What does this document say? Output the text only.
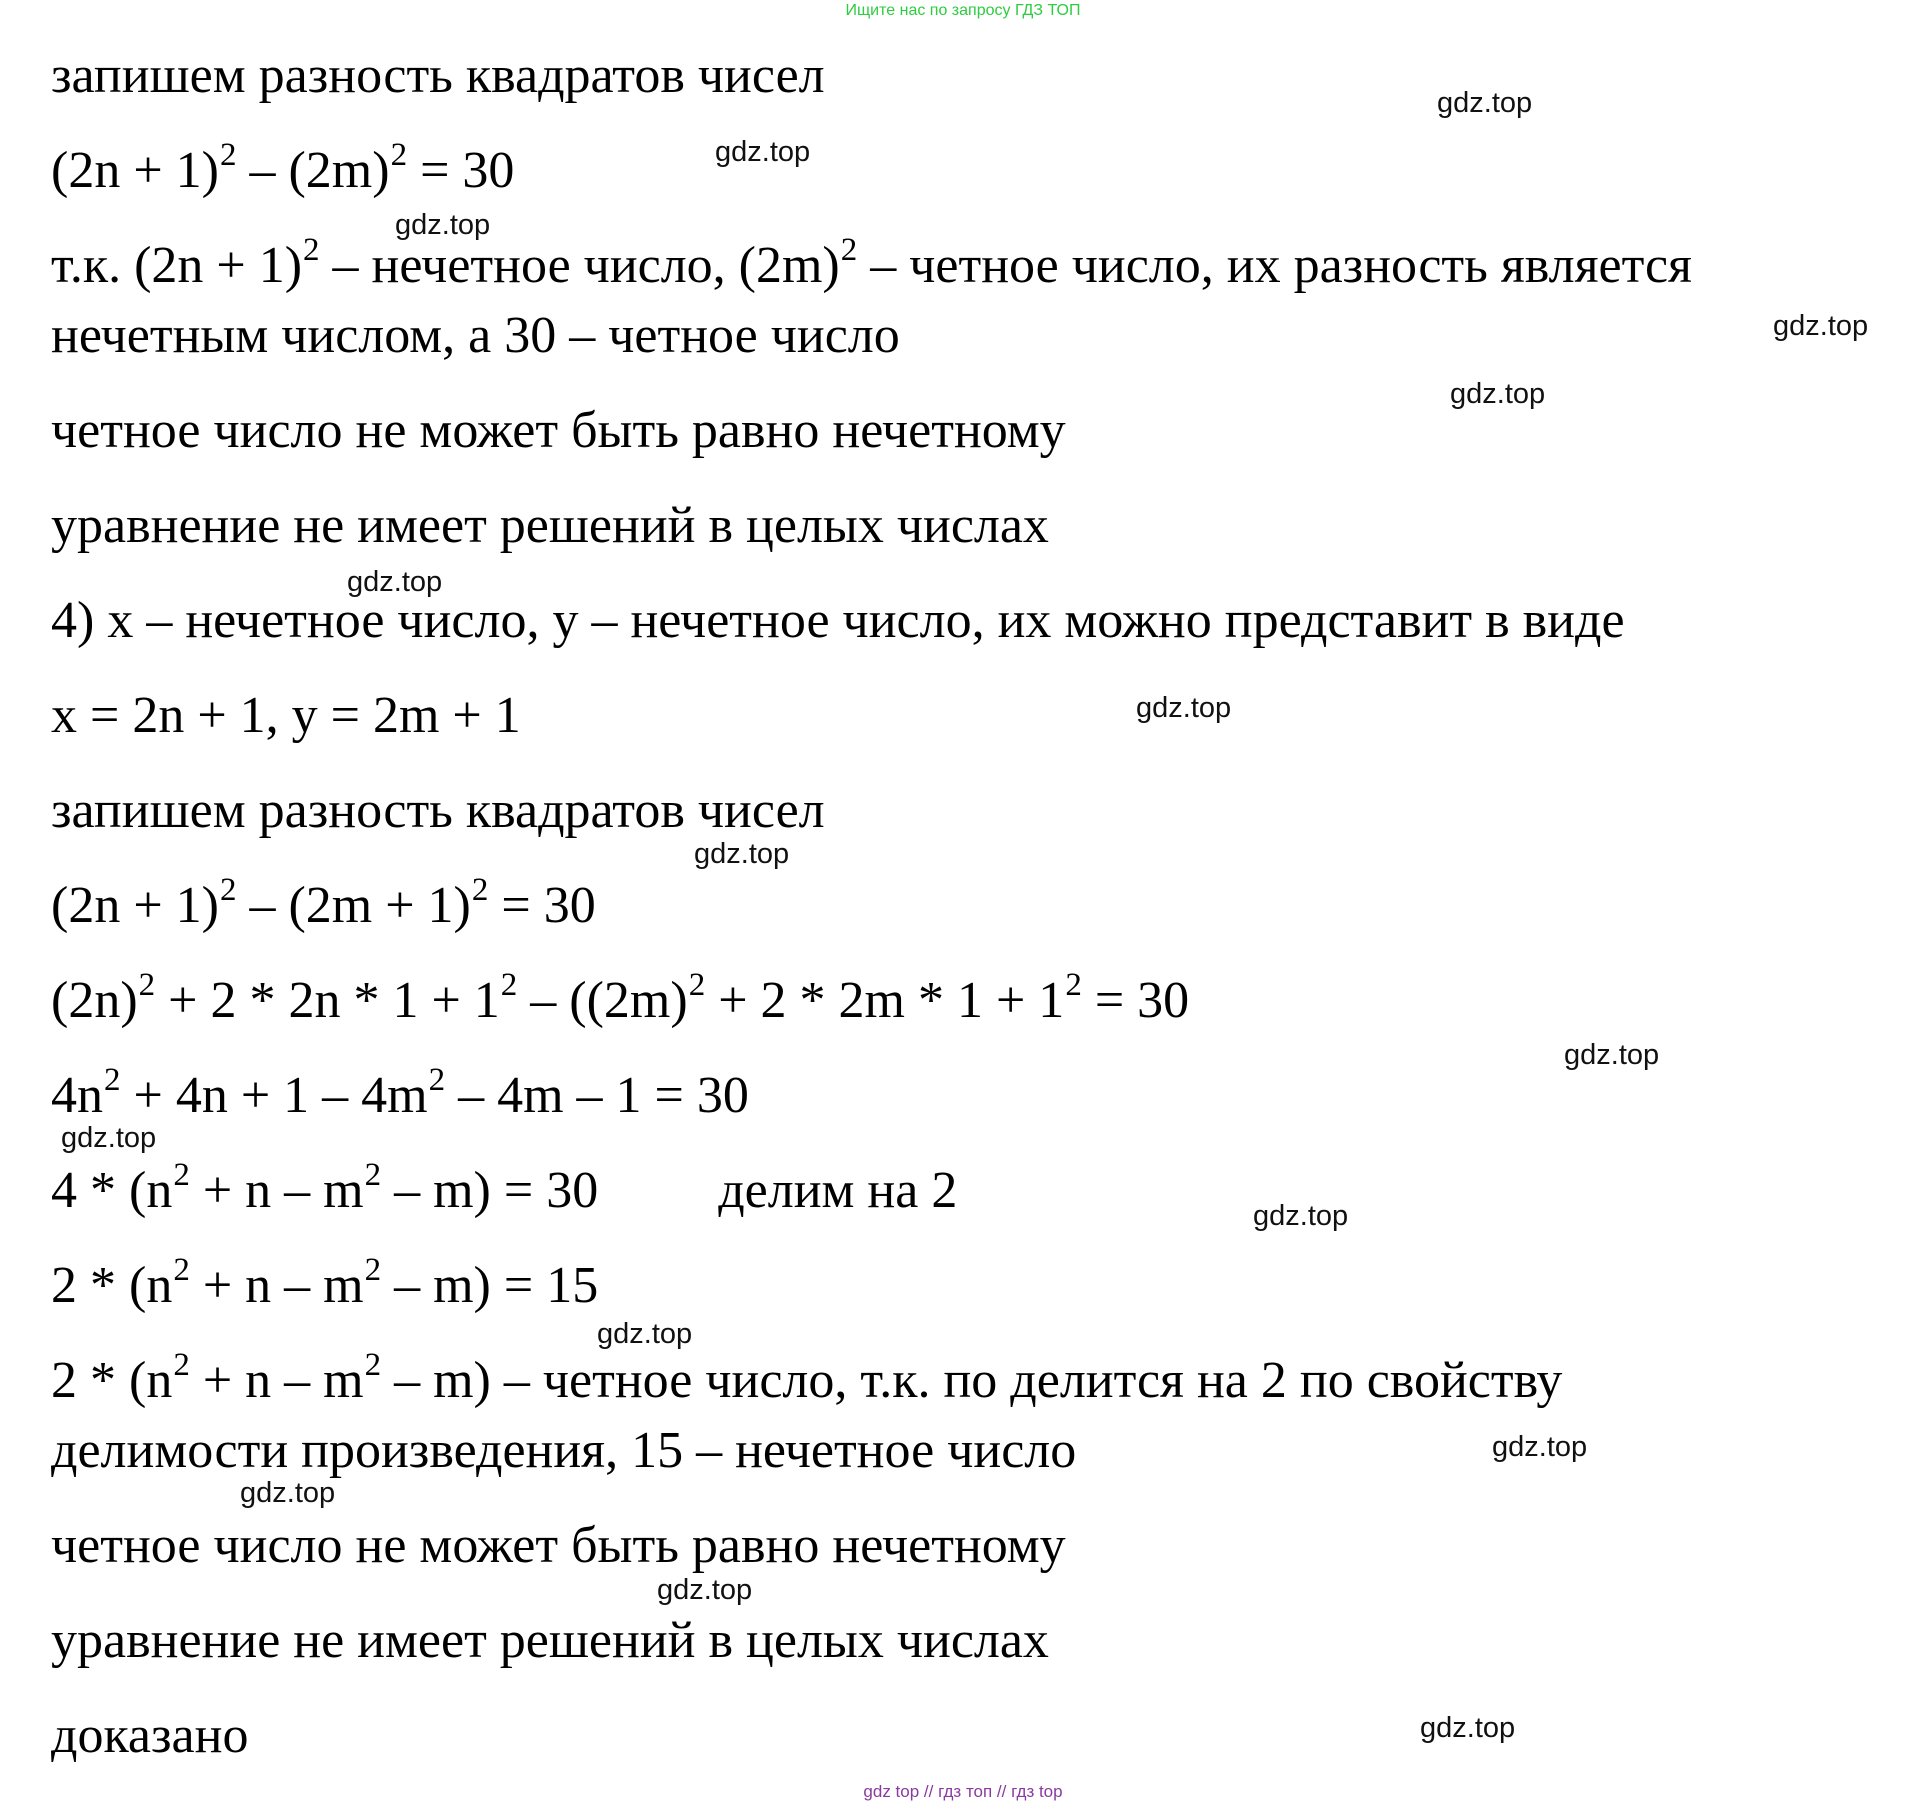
Ищите нас по запросу ГДЗ ТОП
запишем разность квадратов чисел
$(2n + 1)^2 - (2m)^2 = 30$
т.к. $(2n + 1)^2$ – нечетное число, $(2m)^2$ – четное число, их разность является
нечетным числом, а 30 – четное число
четное число не может быть равно нечетному
уравнение не имеет решений в целых числах
4) x – нечетное число, y – нечетное число, их можно представит в виде
x = 2n + 1, y = 2m + 1
запишем разность квадратов чисел
$(2n + 1)^2 - (2m + 1)^2 = 30$
$(2n)^2 + 2 * 2n * 1 + 1^2 - ((2m)^2 + 2 * 2m * 1 + 1^2 = 30$
$4n^2 + 4n + 1 - 4m^2 - 4m - 1 = 30$
$4 * (n^2 + n - m^2 - m) = 30$ делим на 2
$2 * (n^2 + n - m^2 - m) = 15$
$2 * (n^2 + n - m^2 - m)$ – четное число, т.к. по делится на 2 по свойству
делимости произведения, 15 – нечетное число
четное число не может быть равно нечетному
уравнение не имеет решений в целых числах
доказано
gdz.top
gdz.top
gdz.top
gdz.top
gdz.top
gdz.top
gdz.top
gdz.top
gdz.top
gdz.top
gdz.top
gdz.top
gdz.top
gdz.top
gdz.top
gdz.top
gdz top // гдз топ // гдз top
